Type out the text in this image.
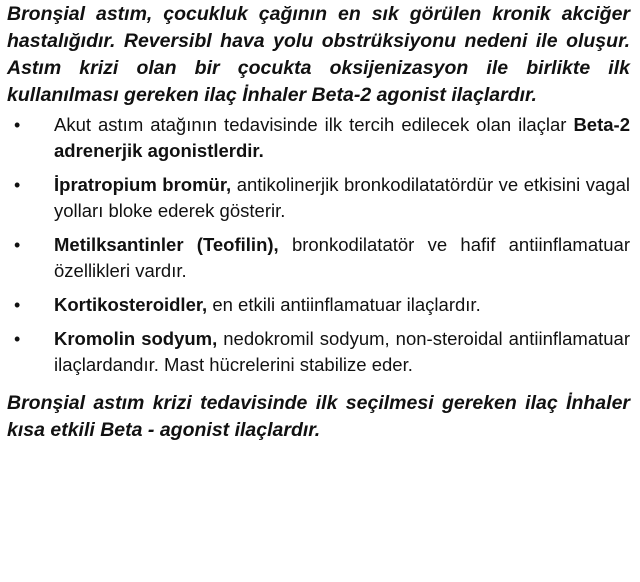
Bronşial astım, çocukluk çağının en sık görülen kronik akciğer hastalığıdır. Reversibl hava yolu obstrüksiyonu nedeni ile oluşur. Astım krizi olan bir çocukta oksijenizasyon ile birlikte ilk kullanılması gereken ilaç İnhaler Beta-2 agonist ilaçlardır.

• Akut astım atağının tedavisinde ilk tercih edilecek olan ilaçlar Beta-2 adrenerjik agonistlerdir.
• İpratropium bromür, antikolinerjik bronkodilatatördür ve etkisini vagal yolları bloke ederek gösterir.
• Metilksantinler (Teofilin), bronkodilatatör ve hafif antiinflamatuar özellikleri vardır.
• Kortikosteroidler, en etkili antiinflamatuar ilaçlardır.
• Kromolin sodyum, nedokromil sodyum, non-steroidal antiinflamatuar ilaçlardandır. Mast hücrelerini stabilize eder.

Bronşial astım krizi tedavisinde ilk seçilmesi gereken ilaç İnhaler kısa etkili Beta - agonist ilaçlardır.
